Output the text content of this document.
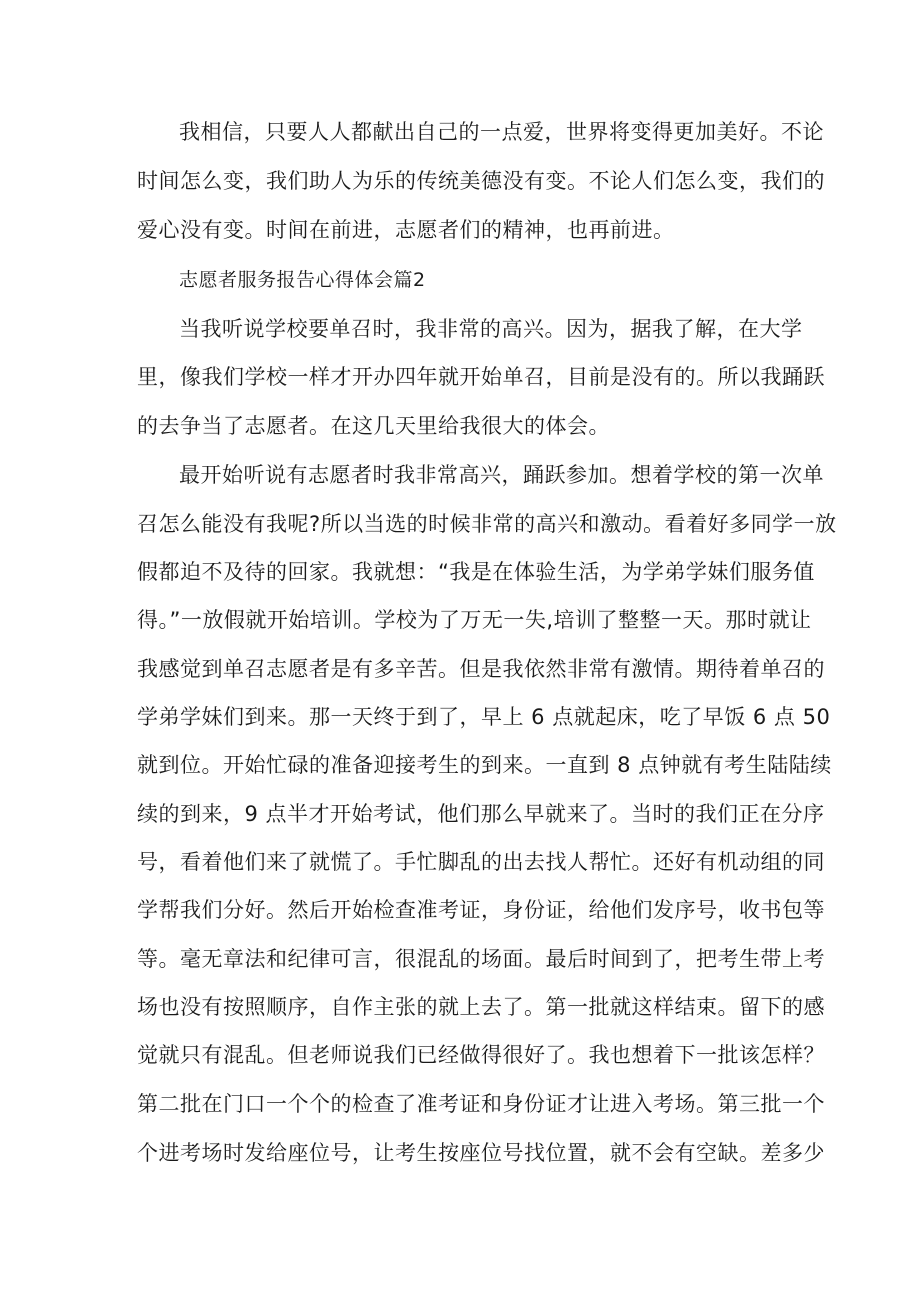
我相信，只要人人都献出自己的一点爱，世界将变得更加美好。不论
时间怎么变，我们助人为乐的传统美德没有变。不论人们怎么变，我们的
爱心没有变。时间在前进，志愿者们的精神，也再前进。
志愿者服务报告心得体会篇2
当我听说学校要单召时，我非常的高兴。因为，据我了解，在大学
里，像我们学校一样才开办四年就开始单召，目前是没有的。所以我踊跃
的去争当了志愿者。在这几天里给我很大的体会。
最开始听说有志愿者时我非常高兴，踊跃参加。想着学校的第一次单
召怎么能没有我呢?所以当选的时候非常的高兴和激动。看着好多同学一放
假都迫不及待的回家。我就想：“我是在体验生活，为学弟学妹们服务值
得。”一放假就开始培训。学校为了万无一失,培训了整整一天。那时就让
我感觉到单召志愿者是有多辛苦。但是我依然非常有激情。期待着单召的
学弟学妹们到来。那一天终于到了，早上 6 点就起床，吃了早饭 6 点 50
就到位。开始忙碌的准备迎接考生的到来。一直到 8 点钟就有考生陆陆续
续的到来，9 点半才开始考试，他们那么早就来了。当时的我们正在分序
号，看着他们来了就慌了。手忙脚乱的出去找人帮忙。还好有机动组的同
学帮我们分好。然后开始检查准考证，身份证，给他们发序号，收书包等
等。毫无章法和纪律可言，很混乱的场面。最后时间到了，把考生带上考
场也没有按照顺序，自作主张的就上去了。第一批就这样结束。留下的感
觉就只有混乱。但老师说我们已经做得很好了。我也想着下一批该怎样？
第二批在门口一个个的检查了准考证和身份证才让进入考场。第三批一个
个进考场时发给座位号，让考生按座位号找位置，就不会有空缺。差多少
